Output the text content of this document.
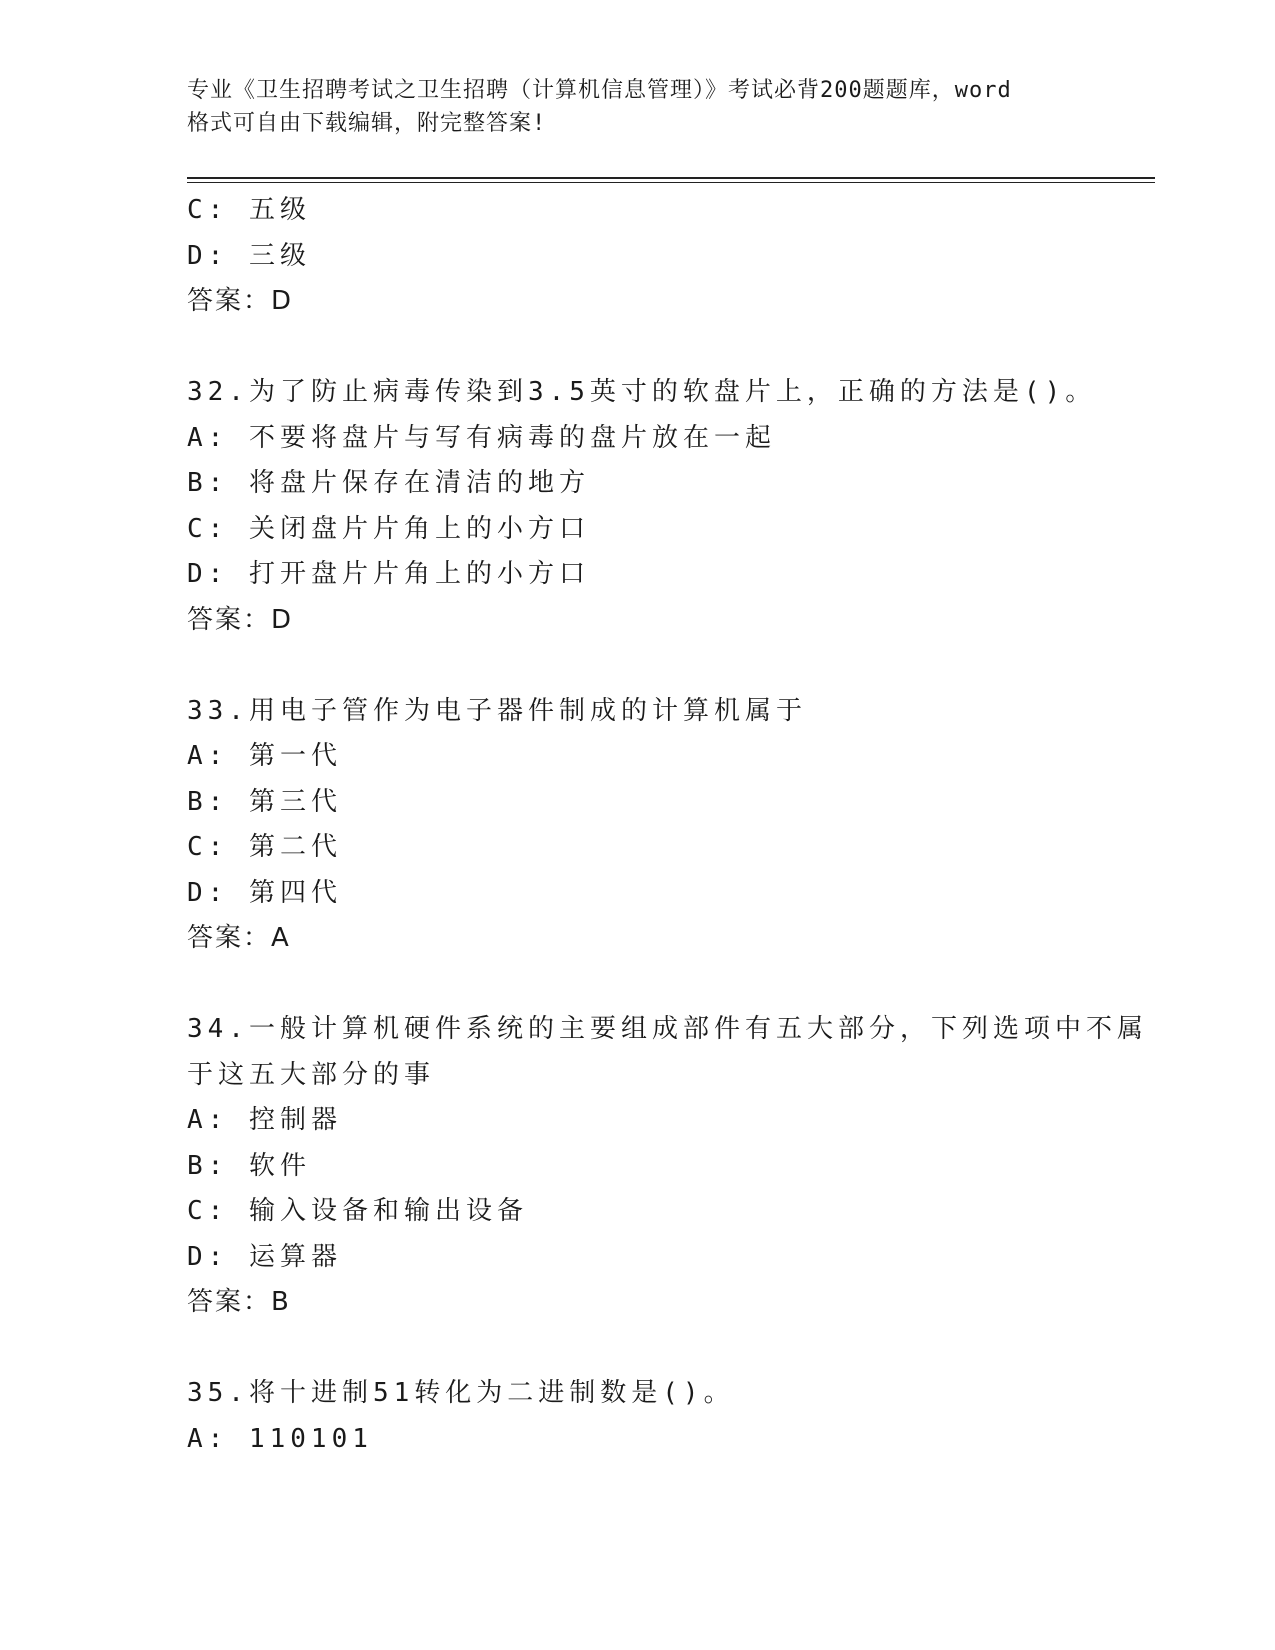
专业《卫生招聘考试之卫生招聘（计算机信息管理）》考试必背200题题库，word
格式可自由下载编辑，附完整答案!
C: 五级
D: 三级
答案：D
32.为了防止病毒传染到3.5英寸的软盘片上，正确的方法是()。
A: 不要将盘片与写有病毒的盘片放在一起
B: 将盘片保存在清洁的地方
C: 关闭盘片片角上的小方口
D: 打开盘片片角上的小方口
答案：D
33.用电子管作为电子器件制成的计算机属于
A: 第一代
B: 第三代
C: 第二代
D: 第四代
答案：A
34.一般计算机硬件系统的主要组成部件有五大部分，下列选项中不属
于这五大部分的事
A: 控制器
B: 软件
C: 输入设备和输出设备
D: 运算器
答案：B
35.将十进制51转化为二进制数是()。
A: 110101
